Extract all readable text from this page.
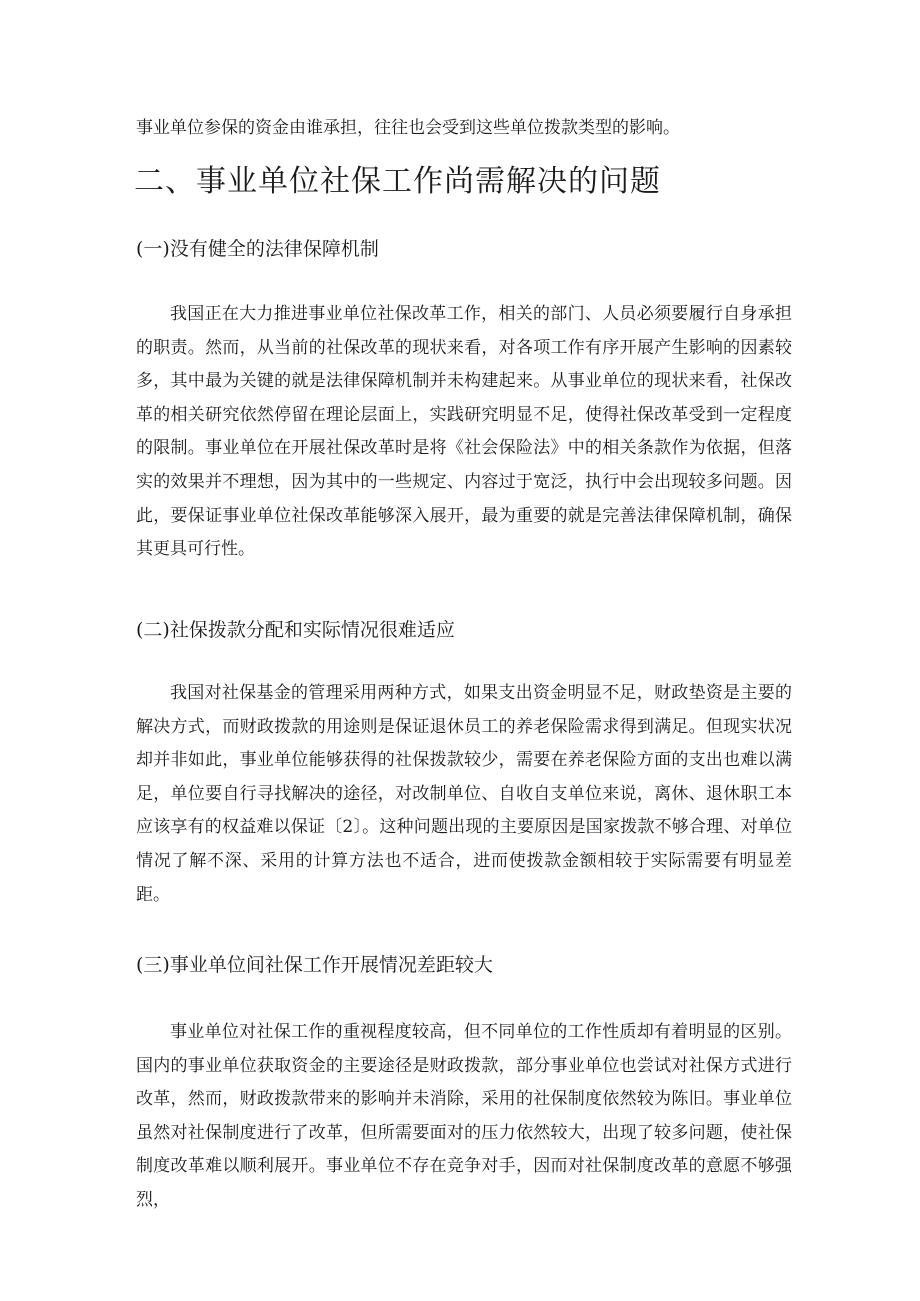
事业单位参保的资金由谁承担，往往也会受到这些单位拨款类型的影响。
二、事业单位社保工作尚需解决的问题
(一)没有健全的法律保障机制

我国正在大力推进事业单位社保改革工作，相关的部门、人员必须要履行自身承担的职责。然而，从当前的社保改革的现状来看，对各项工作有序开展产生影响的因素较多，其中最为关键的就是法律保障机制并未构建起来。从事业单位的现状来看，社保改革的相关研究依然停留在理论层面上，实践研究明显不足，使得社保改革受到一定程度的限制。事业单位在开展社保改革时是将《社会保险法》中的相关条款作为依据，但落实的效果并不理想，因为其中的一些规定、内容过于宽泛，执行中会出现较多问题。因此，要保证事业单位社保改革能够深入展开，最为重要的就是完善法律保障机制，确保其更具可行性。

(二)社保拨款分配和实际情况很难适应

我国对社保基金的管理采用两种方式，如果支出资金明显不足，财政垫资是主要的解决方式，而财政拨款的用途则是保证退休员工的养老保险需求得到满足。但现实状况却并非如此，事业单位能够获得的社保拨款较少，需要在养老保险方面的支出也难以满足，单位要自行寻找解决的途径，对改制单位、自收自支单位来说，离休、退休职工本应该享有的权益难以保证〔2〕。这种问题出现的主要原因是国家拨款不够合理、对单位情况了解不深、采用的计算方法也不适合，进而使拨款金额相较于实际需要有明显差距。

(三)事业单位间社保工作开展情况差距较大

事业单位对社保工作的重视程度较高，但不同单位的工作性质却有着明显的区别。国内的事业单位获取资金的主要途径是财政拨款，部分事业单位也尝试对社保方式进行改革，然而，财政拨款带来的影响并未消除，采用的社保制度依然较为陈旧。事业单位虽然对社保制度进行了改革，但所需要面对的压力依然较大，出现了较多问题，使社保制度改革难以顺利展开。事业单位不存在竞争对手，因而对社保制度改革的意愿不够强烈，
